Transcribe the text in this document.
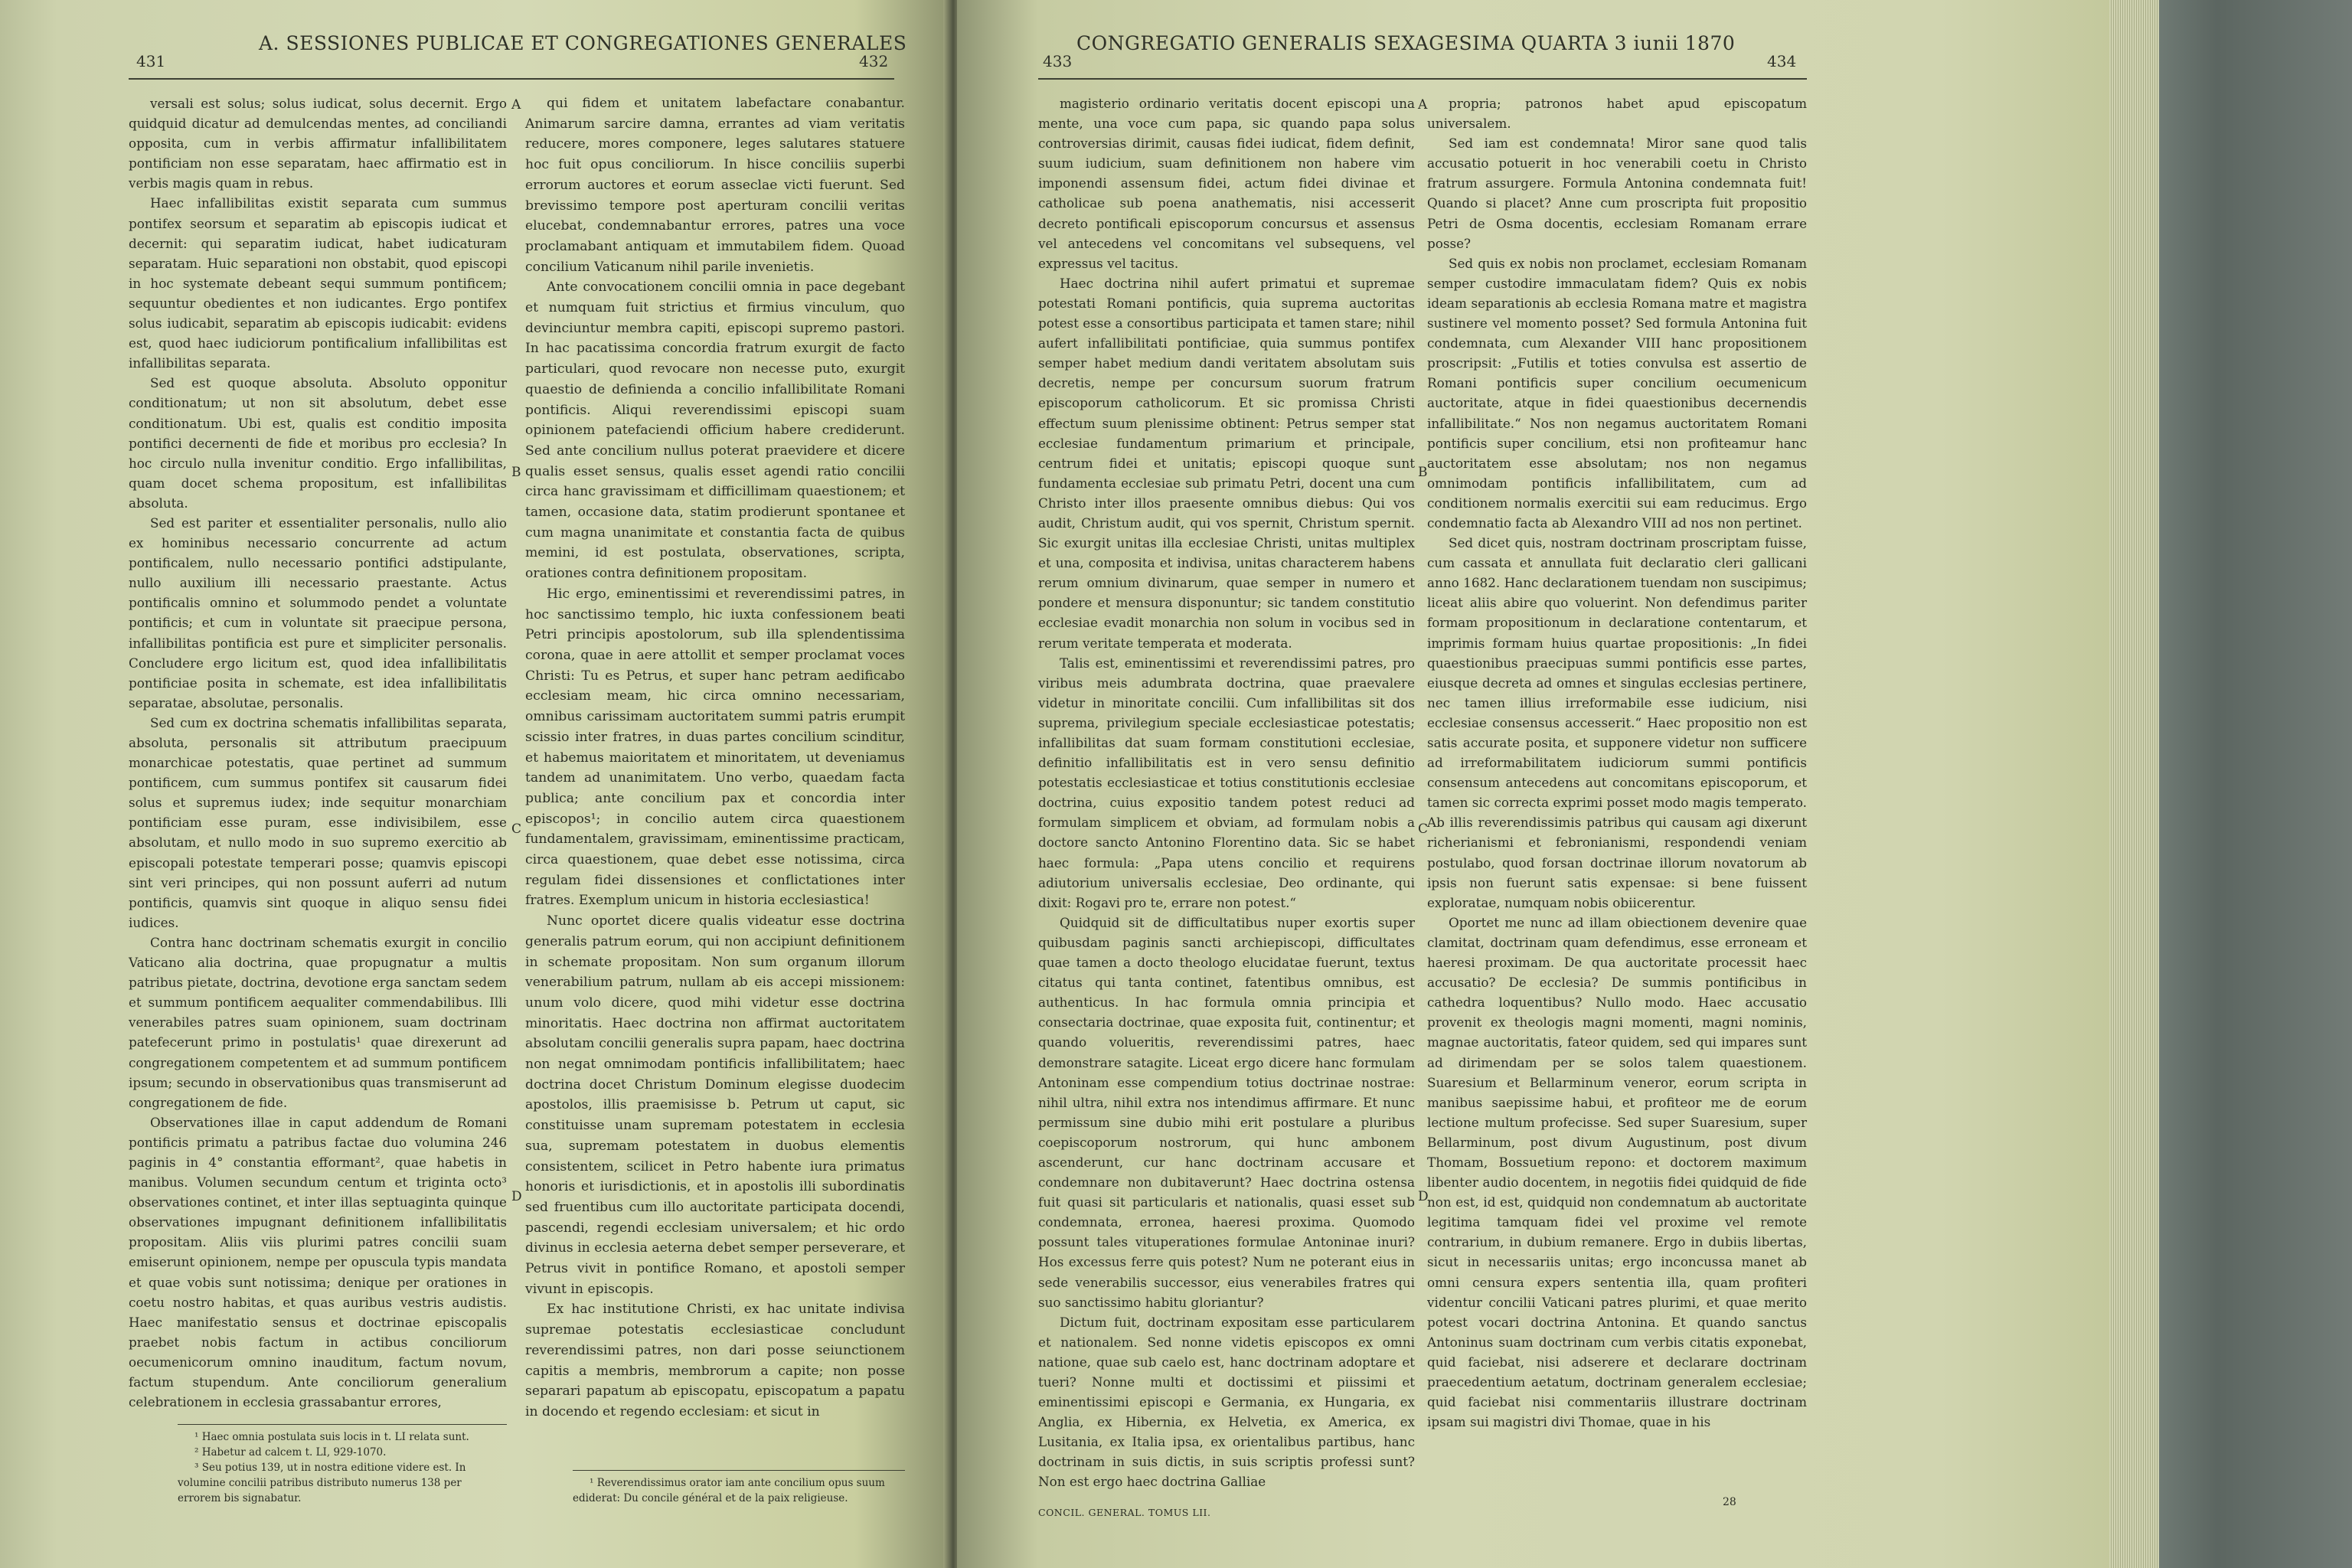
431
A. SESSIONES PUBLICAE ET CONGREGATIONES GENERALES
432

versali est solus; solus iudicat, solus decernit. Ergo quidquid dicatur ad demulcendas mentes, ad conciliandi opposita, cum in verbis affirmatur infallibilitatem pontificiam non esse separatam, haec affirmatio est in verbis magis quam in rebus.

Haec infallibilitas existit separata cum summus pontifex seorsum et separatim ab episcopis iudicat et decernit: qui separatim iudicat, habet iudicaturam separatam. Huic separationi non obstabit, quod episcopi in hoc systemate debeant sequi summum pontificem; sequuntur obedientes et non iudicantes. Ergo pontifex solus iudicabit, separatim ab episcopis iudicabit: evidens est, quod haec iudiciorum pontificalium infallibilitas est infallibilitas separata.

Sed est quoque absoluta. Absoluto opponitur conditionatum; ut non sit absolutum, debet esse conditionatum. Ubi est, qualis est conditio imposita pontifici decernenti de fide et moribus pro ecclesia? In hoc circulo nulla invenitur conditio. Ergo infallibilitas, quam docet schema propositum, est infallibilitas absoluta.

Sed est pariter et essentialiter personalis, nullo alio ex hominibus necessario concurrente ad actum pontificalem, nullo necessario pontifici adstipulante, nullo auxilium illi necessario praestante. Actus pontificalis omnino et solummodo pendet a voluntate pontificis; et cum in voluntate sit praecipue persona, infallibilitas pontificia est pure et simpliciter personalis. Concludere ergo licitum est, quod idea infallibilitatis pontificiae posita in schemate, est idea infallibilitatis separatae, absolutae, personalis.

Sed cum ex doctrina schematis infallibilitas separata, absoluta, personalis sit attributum praecipuum monarchicae potestatis, quae pertinet ad summum pontificem, cum summus pontifex sit causarum fidei solus et supremus iudex; inde sequitur monarchiam pontificiam esse puram, esse indivisibilem, esse absolutam, et nullo modo in suo supremo exercitio ab episcopali potestate temperari posse; quamvis episcopi sint veri principes, qui non possunt auferri ad nutum pontificis, quamvis sint quoque in aliquo sensu fidei iudices.

Contra hanc doctrinam schematis exurgit in concilio Vaticano alia doctrina, quae propugnatur a multis patribus pietate, doctrina, devotione erga sanctam sedem et summum pontificem aequaliter commendabilibus. Illi venerabiles patres suam opinionem, suam doctrinam patefecerunt primo in postulatis¹ quae direxerunt ad congregationem competentem et ad summum pontificem ipsum; secundo in observationibus quas transmiserunt ad congregationem de fide.

Observationes illae in caput addendum de Romani pontificis primatu a patribus factae duo volumina 246 paginis in 4° constantia efformant², quae habetis in manibus. Volumen secundum centum et triginta octo³ observationes continet, et inter illas septuaginta quinque observationes impugnant definitionem infallibilitatis propositam. Aliis viis plurimi patres concilii suam emiserunt opinionem, nempe per opuscula typis mandata et quae vobis sunt notissima; denique per orationes in coetu nostro habitas, et quas auribus vestris audistis. Haec manifestatio sensus et doctrinae episcopalis praebet nobis factum in actibus conciliorum oecumenicorum omnino inauditum, factum novum, factum stupendum. Ante conciliorum generalium celebrationem in ecclesia grassabantur errores,

¹ Haec omnia postulata suis locis in t. LI relata sunt.

² Habetur ad calcem t. LI, 929-1070.

³ Seu potius 139, ut in nostra editione videre est. In volumine concilii patribus distributo numerus 138 per errorem bis signabatur.

qui fidem et unitatem labefactare conabantur. Animarum sarcire damna, errantes ad viam veritatis reducere, mores componere, leges salutares statuere hoc fuit opus conciliorum. In hisce conciliis superbi errorum auctores et eorum asseclae victi fuerunt. Sed brevissimo tempore post aperturam concilii veritas elucebat, condemnabantur errores, patres una voce proclamabant antiquam et immutabilem fidem. Quoad concilium Vaticanum nihil parile invenietis.

Ante convocationem concilii omnia in pace degebant et numquam fuit strictius et firmius vinculum, quo devinciuntur membra capiti, episcopi supremo pastori. In hac pacatissima concordia fratrum exurgit de facto particulari, quod revocare non necesse puto, exurgit quaestio de definienda a concilio infallibilitate Romani pontificis. Aliqui reverendissimi episcopi suam opinionem patefaciendi officium habere crediderunt. Sed ante concilium nullus poterat praevidere et dicere qualis esset sensus, qualis esset agendi ratio concilii circa hanc gravissimam et difficillimam quaestionem; et tamen, occasione data, statim prodierunt spontanee et cum magna unanimitate et constantia facta de quibus memini, id est postulata, observationes, scripta, orationes contra definitionem propositam.

Hic ergo, eminentissimi et reverendissimi patres, in hoc sanctissimo templo, hic iuxta confessionem beati Petri principis apostolorum, sub illa splendentissima corona, quae in aere attollit et semper proclamat voces Christi: Tu es Petrus, et super hanc petram aedificabo ecclesiam meam, hic circa omnino necessariam, omnibus carissimam auctoritatem summi patris erumpit scissio inter fratres, in duas partes concilium scinditur, et habemus maioritatem et minoritatem, ut deveniamus tandem ad unanimitatem. Uno verbo, quaedam facta publica; ante concilium pax et concordia inter episcopos¹; in concilio autem circa quaestionem fundamentalem, gravissimam, eminentissime practicam, circa quaestionem, quae debet esse notissima, circa regulam fidei dissensiones et conflictationes inter fratres. Exemplum unicum in historia ecclesiastica!

Nunc oportet dicere qualis videatur esse doctrina generalis patrum eorum, qui non accipiunt definitionem in schemate propositam. Non sum organum illorum venerabilium patrum, nullam ab eis accepi missionem: unum volo dicere, quod mihi videtur esse doctrina minoritatis. Haec doctrina non affirmat auctoritatem absolutam concilii generalis supra papam, haec doctrina non negat omnimodam pontificis infallibilitatem; haec doctrina docet Christum Dominum elegisse duodecim apostolos, illis praemisisse b. Petrum ut caput, sic constituisse unam supremam potestatem in ecclesia sua, supremam potestatem in duobus elementis consistentem, scilicet in Petro habente iura primatus honoris et iurisdictionis, et in apostolis illi subordinatis sed fruentibus cum illo auctoritate participata docendi, pascendi, regendi ecclesiam universalem; et hic ordo divinus in ecclesia aeterna debet semper perseverare, et Petrus vivit in pontifice Romano, et apostoli semper vivunt in episcopis.

Ex hac institutione Christi, ex hac unitate indivisa supremae potestatis ecclesiasticae concludunt reverendissimi patres, non dari posse seiunctionem capitis a membris, membrorum a capite; non posse separari papatum ab episcopatu, episcopatum a papatu in docendo et regendo ecclesiam: et sicut in

¹ Reverendissimus orator iam ante concilium opus suum ediderat: Du concile général et de la paix religieuse.

A
B
C
D
433
CONGREGATIO GENERALIS SEXAGESIMA QUARTA 3 iunii 1870
434

magisterio ordinario veritatis docent episcopi una mente, una voce cum papa, sic quando papa solus controversias dirimit, causas fidei iudicat, fidem definit, suum iudicium, suam definitionem non habere vim imponendi assensum fidei, actum fidei divinae et catholicae sub poena anathematis, nisi accesserit decreto pontificali episcoporum concursus et assensus vel antecedens vel concomitans vel subsequens, vel expressus vel tacitus.

Haec doctrina nihil aufert primatui et supremae potestati Romani pontificis, quia suprema auctoritas potest esse a consortibus participata et tamen stare; nihil aufert infallibilitati pontificiae, quia summus pontifex semper habet medium dandi veritatem absolutam suis decretis, nempe per concursum suorum fratrum episcoporum catholicorum. Et sic promissa Christi effectum suum plenissime obtinent: Petrus semper stat ecclesiae fundamentum primarium et principale, centrum fidei et unitatis; episcopi quoque sunt fundamenta ecclesiae sub primatu Petri, docent una cum Christo inter illos praesente omnibus diebus: Qui vos audit, Christum audit, qui vos spernit, Christum spernit. Sic exurgit unitas illa ecclesiae Christi, unitas multiplex et una, composita et indivisa, unitas characterem habens rerum omnium divinarum, quae semper in numero et pondere et mensura disponuntur; sic tandem constitutio ecclesiae evadit monarchia non solum in vocibus sed in rerum veritate temperata et moderata.

Talis est, eminentissimi et reverendissimi patres, pro viribus meis adumbrata doctrina, quae praevalere videtur in minoritate concilii. Cum infallibilitas sit dos suprema, privilegium speciale ecclesiasticae potestatis; infallibilitas dat suam formam constitutioni ecclesiae, definitio infallibilitatis est in vero sensu definitio potestatis ecclesiasticae et totius constitutionis ecclesiae doctrina, cuius expositio tandem potest reduci ad formulam simplicem et obviam, ad formulam nobis a doctore sancto Antonino Florentino data. Sic se habet haec formula: „Papa utens concilio et requirens adiutorium universalis ecclesiae, Deo ordinante, qui dixit: Rogavi pro te, errare non potest.“

Quidquid sit de difficultatibus nuper exortis super quibusdam paginis sancti archiepiscopi, difficultates quae tamen a docto theologo elucidatae fuerunt, textus citatus qui tanta continet, fatentibus omnibus, est authenticus. In hac formula omnia principia et consectaria doctrinae, quae exposita fuit, continentur; et quando volueritis, reverendissimi patres, haec demonstrare satagite. Liceat ergo dicere hanc formulam Antoninam esse compendium totius doctrinae nostrae: nihil ultra, nihil extra nos intendimus affirmare. Et nunc permissum sine dubio mihi erit postulare a pluribus coepiscoporum nostrorum, qui hunc ambonem ascenderunt, cur hanc doctrinam accusare et condemnare non dubitaverunt? Haec doctrina ostensa fuit quasi sit particularis et nationalis, quasi esset sub condemnata, erronea, haeresi proxima. Quomodo possunt tales vituperationes formulae Antoninae inuri? Hos excessus ferre quis potest? Num ne poterant eius in sede venerabilis successor, eius venerabiles fratres qui suo sanctissimo habitu gloriantur?

Dictum fuit, doctrinam expositam esse particularem et nationalem. Sed nonne videtis episcopos ex omni natione, quae sub caelo est, hanc doctrinam adoptare et tueri? Nonne multi et doctissimi et piissimi et eminentissimi episcopi e Germania, ex Hungaria, ex Anglia, ex Hibernia, ex Helvetia, ex America, ex Lusitania, ex Italia ipsa, ex orientalibus partibus, hanc doctrinam in suis dictis, in suis scriptis professi sunt? Non est ergo haec doctrina Galliae

CONCIL. GENERAL. TOMUS LII.

propria; patronos habet apud episcopatum universalem.

Sed iam est condemnata! Miror sane quod talis accusatio potuerit in hoc venerabili coetu in Christo fratrum assurgere. Formula Antonina condemnata fuit! Quando si placet? Anne cum proscripta fuit propositio Petri de Osma docentis, ecclesiam Romanam errare posse?

Sed quis ex nobis non proclamet, ecclesiam Romanam semper custodire immaculatam fidem? Quis ex nobis ideam separationis ab ecclesia Romana matre et magistra sustinere vel momento posset? Sed formula Antonina fuit condemnata, cum Alexander VIII hanc propositionem proscripsit: „Futilis et toties convulsa est assertio de Romani pontificis super concilium oecumenicum auctoritate, atque in fidei quaestionibus decernendis infallibilitate.“ Nos non negamus auctoritatem Romani pontificis super concilium, etsi non profiteamur hanc auctoritatem esse absolutam; nos non negamus omnimodam pontificis infallibilitatem, cum ad conditionem normalis exercitii sui eam reducimus. Ergo condemnatio facta ab Alexandro VIII ad nos non pertinet.

Sed dicet quis, nostram doctrinam proscriptam fuisse, cum cassata et annullata fuit declaratio cleri gallicani anno 1682. Hanc declarationem tuendam non suscipimus; liceat aliis abire quo voluerint. Non defendimus pariter formam propositionum in declaratione contentarum, et imprimis formam huius quartae propositionis: „In fidei quaestionibus praecipuas summi pontificis esse partes, eiusque decreta ad omnes et singulas ecclesias pertinere, nec tamen illius irreformabile esse iudicium, nisi ecclesiae consensus accesserit.“ Haec propositio non est satis accurate posita, et supponere videtur non sufficere ad irreformabilitatem iudiciorum summi pontificis consensum antecedens aut concomitans episcoporum, et tamen sic correcta exprimi posset modo magis temperato. Ab illis reverendissimis patribus qui causam agi dixerunt richerianismi et febronianismi, respondendi veniam postulabo, quod forsan doctrinae illorum novatorum ab ipsis non fuerunt satis expensae: si bene fuissent exploratae, numquam nobis obiicerentur.

Oportet me nunc ad illam obiectionem devenire quae clamitat, doctrinam quam defendimus, esse erroneam et haeresi proximam. De qua auctoritate processit haec accusatio? De ecclesia? De summis pontificibus in cathedra loquentibus? Nullo modo. Haec accusatio provenit ex theologis magni momenti, magni nominis, magnae auctoritatis, fateor quidem, sed qui impares sunt ad dirimendam per se solos talem quaestionem. Suaresium et Bellarminum veneror, eorum scripta in manibus saepissime habui, et profiteor me de eorum lectione multum profecisse. Sed super Suaresium, super Bellarminum, post divum Augustinum, post divum Thomam, Bossuetium repono: et doctorem maximum libenter audio docentem, in negotiis fidei quidquid de fide non est, id est, quidquid non condemnatum ab auctoritate legitima tamquam fidei vel proxime vel remote contrarium, in dubium remanere. Ergo in dubiis libertas, sicut in necessariis unitas; ergo inconcussa manet ab omni censura expers sententia illa, quam profiteri videntur concilii Vaticani patres plurimi, et quae merito potest vocari doctrina Antonina. Et quando sanctus Antoninus suam doctrinam cum verbis citatis exponebat, quid faciebat, nisi adserere et declarare doctrinam praecedentium aetatum, doctrinam generalem ecclesiae; quid faciebat nisi commentariis illustrare doctrinam ipsam sui magistri divi Thomae, quae in his

28
A
B
C
D
